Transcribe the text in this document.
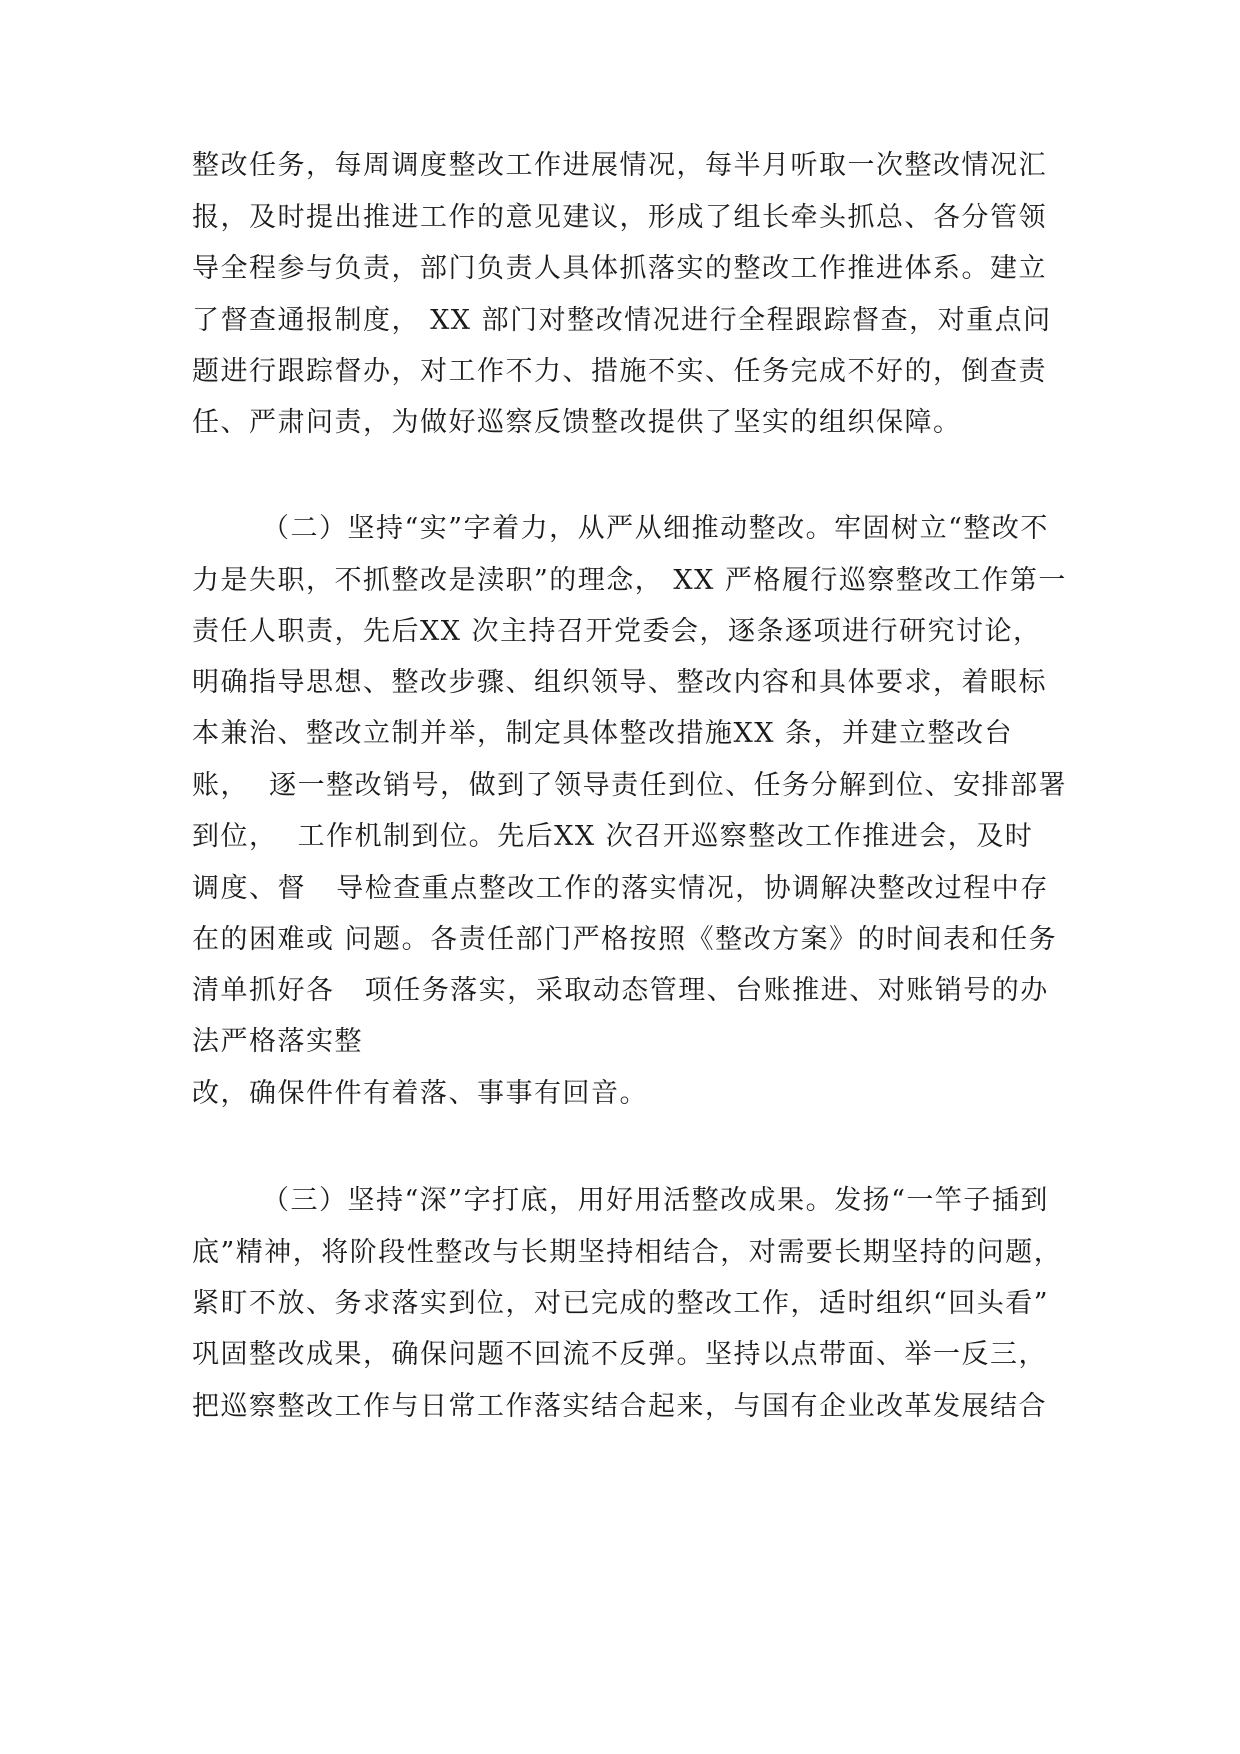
整改任务，每周调度整改工作进展情况，每半月听取一次整改情况汇

报，及时提出推进工作的意见建议，形成了组长牵头抓总、各分管领

导全程参与负责，部门负责人具体抓落实的整改工作推进体系。建立

了督查通报制度， XX 部门对整改情况进行全程跟踪督查，对重点问

题进行跟踪督办，对工作不力、措施不实、任务完成不好的，倒查责

任、严肃问责，为做好巡察反馈整改提供了坚实的组织保障。

（二）坚持“实”字着力，从严从细推动整改。牢固树立“整改不

力是失职，不抓整改是渎职”的理念， XX 严格履行巡察整改工作第一

责任人职责，先后XX 次主持召开党委会，逐条逐项进行研究讨论，

明确指导思想、整改步骤、组织领导、整改内容和具体要求，着眼标

本兼治、整改立制并举，制定具体整改措施XX 条，并建立整改台

账，  逐一整改销号，做到了领导责任到位、任务分解到位、安排部署

到位，  工作机制到位。先后XX 次召开巡察整改工作推进会，及时

调度、督   导检查重点整改工作的落实情况，协调解决整改过程中存

在的困难或 问题。各责任部门严格按照《整改方案》的时间表和任务

清单抓好各   项任务落实，采取动态管理、台账推进、对账销号的办

法严格落实整

改，确保件件有着落、事事有回音。

（三）坚持“深”字打底，用好用活整改成果。发扬“一竿子插到

底”精神，将阶段性整改与长期坚持相结合，对需要长期坚持的问题，

紧盯不放、务求落实到位，对已完成的整改工作，适时组织“回头看”

巩固整改成果，确保问题不回流不反弹。坚持以点带面、举一反三，

把巡察整改工作与日常工作落实结合起来，与国有企业改革发展结合
